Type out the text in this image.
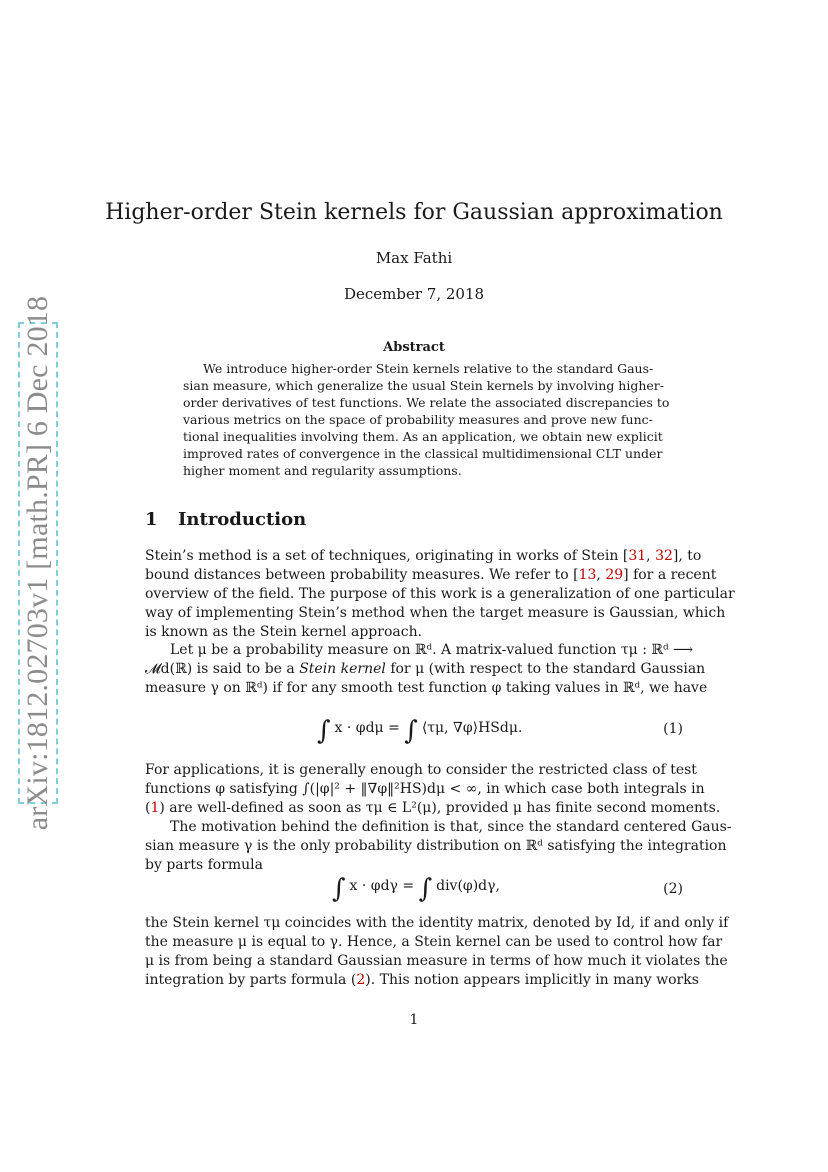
arXiv:1812.02703v1 [math.PR] 6 Dec 2018
Higher-order Stein kernels for Gaussian approximation
Max Fathi
December 7, 2018
Abstract
We introduce higher-order Stein kernels relative to the standard Gaus-
sian measure, which generalize the usual Stein kernels by involving higher-
order derivatives of test functions. We relate the associated discrepancies to
various metrics on the space of probability measures and prove new func-
tional inequalities involving them. As an application, we obtain new explicit
improved rates of convergence in the classical multidimensional CLT under
higher moment and regularity assumptions.
1 Introduction
Stein’s method is a set of techniques, originating in works of Stein [31, 32], to
bound distances between probability measures. We refer to [13, 29] for a recent
overview of the field. The purpose of this work is a generalization of one particular
way of implementing Stein’s method when the target measure is Gaussian, which
is known as the Stein kernel approach.
Let μ be a probability measure on ℝᵈ. A matrix-valued function τμ : ℝᵈ ⟶
𝓜d(ℝ) is said to be a Stein kernel for μ (with respect to the standard Gaussian
measure γ on ℝᵈ) if for any smooth test function φ taking values in ℝᵈ, we have
∫ x · φdμ = ∫ ⟨τμ, ∇φ⟩HSdμ.	(1)
For applications, it is generally enough to consider the restricted class of test
functions φ satisfying ∫(|φ|² + ‖∇φ‖²HS)dμ < ∞, in which case both integrals in
(1) are well-defined as soon as τμ ∈ L²(μ), provided μ has finite second moments.
The motivation behind the definition is that, since the standard centered Gaus-
sian measure γ is the only probability distribution on ℝᵈ satisfying the integration
by parts formula
∫ x · φdγ = ∫ div(φ)dγ,	(2)
the Stein kernel τμ coincides with the identity matrix, denoted by Id, if and only if
the measure μ is equal to γ. Hence, a Stein kernel can be used to control how far
μ is from being a standard Gaussian measure in terms of how much it violates the
integration by parts formula (2). This notion appears implicitly in many works
1
